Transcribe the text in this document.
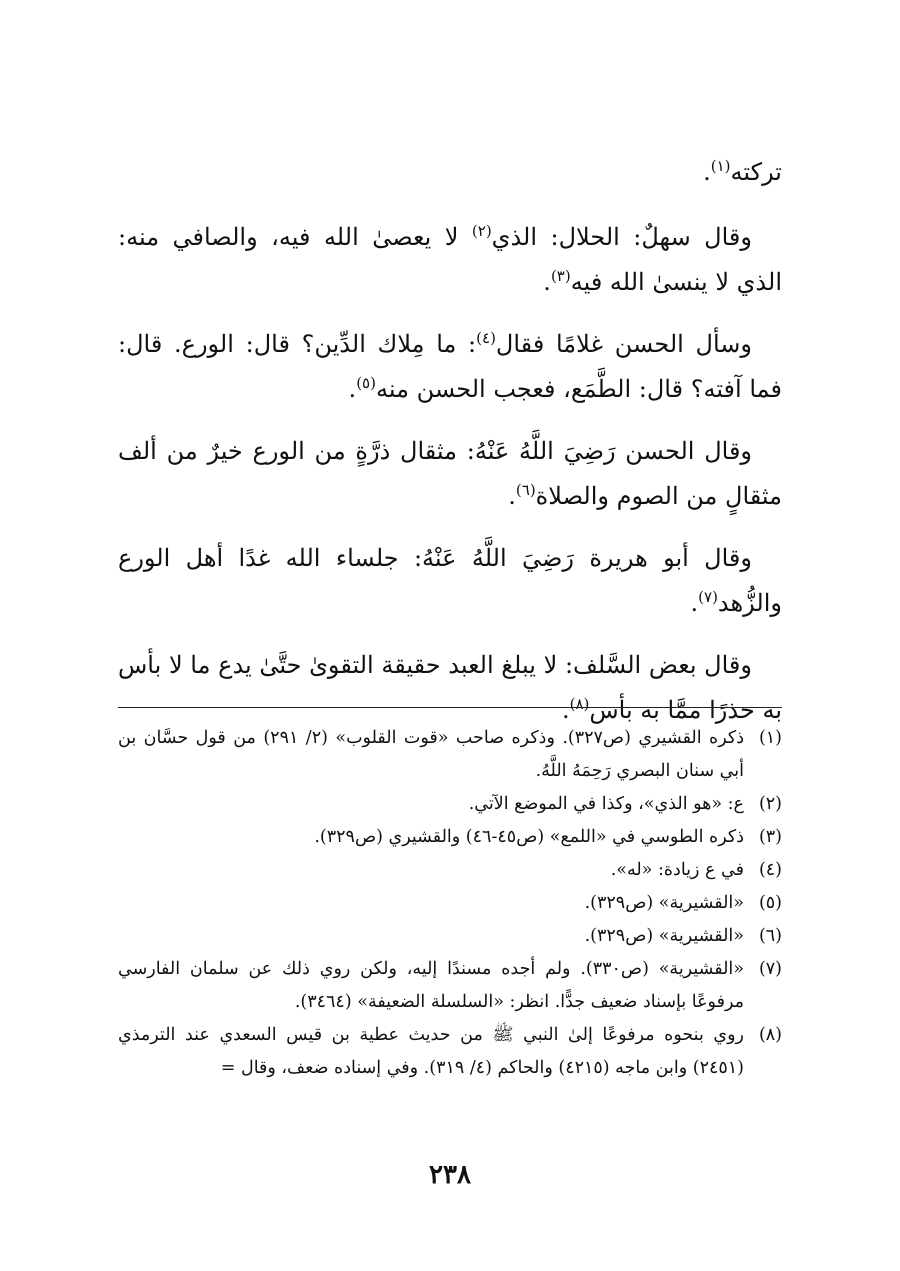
تركته$^{(١)}$.

وقال سهلٌ: الحلال: الذي$^{(٢)}$ لا يعصىٰ الله فيه، والصافي منه: الذي لا ينسىٰ الله فيه$^{(٣)}$.

وسأل الحسن غلامًا فقال$^{(٤)}$: ما مِلاك الدِّين؟ قال: الورع. قال: فما آفته؟ قال: الطَّمَع، فعجب الحسن منه$^{(٥)}$.

وقال الحسن رَضِيَ اللَّهُ عَنْهُ: مثقال ذرَّةٍ من الورع خيرٌ من ألف مثقالٍ من الصوم والصلاة$^{(٦)}$.

وقال أبو هريرة رَضِيَ اللَّهُ عَنْهُ: جلساء الله غدًا أهل الورع والزُّهد$^{(٧)}$.

وقال بعض السَّلف: لا يبلغ العبد حقيقة التقوىٰ حتَّىٰ يدع ما لا بأس به حذرًا ممَّا به بأس$^{(٨)}$.

(١)
ذكره القشيري (ص٣٢٧). وذكره صاحب «قوت القلوب» (٢/ ٢٩١) من قول حسَّان بن أبي سنان البصري رَحِمَهُ اللَّهُ.
(٢)
ع: «هو الذي»، وكذا في الموضع الآتي.
(٣)
ذكره الطوسي في «اللمع» (ص٤٥-٤٦) والقشيري (ص٣٢٩).
(٤)
في ع زيادة: «له».
(٥)
«القشيرية» (ص٣٢٩).
(٦)
«القشيرية» (ص٣٢٩).
(٧)
«القشيرية» (ص٣٣٠). ولم أجده مسندًا إليه، ولكن روي ذلك عن سلمان الفارسي مرفوعًا بإسناد ضعيف جدًّا. انظر: «السلسلة الضعيفة» (٣٤٦٤).
(٨)
روي بنحوه مرفوعًا إلىٰ النبي ﷺ من حديث عطية بن قيس السعدي عند الترمذي (٢٤٥١) وابن ماجه (٤٢١٥) والحاكم (٤/ ٣١٩). وفي إسناده ضعف، وقال =
٢٣٨
